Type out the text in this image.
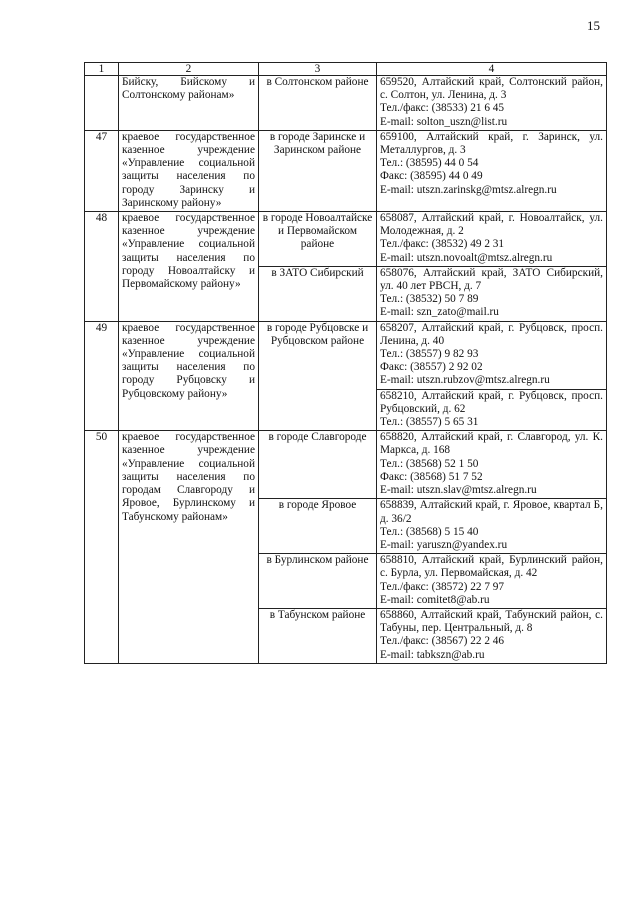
15
1	2	3	4
	Бийску, Бийскому и Солтонскому районам»	в Солтонском районе	659520, Алтайский край, Солтонский район, с. Солтон, ул. Ленина, д. 3
Тел./факс: (38533) 21 6 45
E-mail: solton_uszn@list.ru

47	краевое государственное казенное учреждение «Управление социальной защиты населения по городу Заринску и Заринскому району»	в городе Заринске и Заринском районе	659100, Алтайский край, г. Заринск, ул. Металлургов, д. 3
Тел.: (38595) 44 0 54
Факс: (38595) 44 0 49
E-mail: utszn.zarinskg@mtsz.alregn.ru

48	краевое государственное казенное учреждение «Управление социальной защиты населения по городу Новоалтайску и Первомайскому району»	в городе Новоалтайске и Первомайском районе	658087, Алтайский край, г. Новоалтайск, ул. Молодежная, д. 2
Тел./факс: (38532) 49 2 31
E-mail: utszn.novoalt@mtsz.alregn.ru

		в ЗАТО Сибирский	658076, Алтайский край, ЗАТО Сибирский, ул. 40 лет РВСН, д. 7
Тел.: (38532) 50 7 89
E-mail: szn_zato@mail.ru

49	краевое государственное казенное учреждение «Управление социальной защиты населения по городу Рубцовску и Рубцовскому району»	в городе Рубцовске и Рубцовском районе	658207, Алтайский край, г. Рубцовск, просп. Ленина, д. 40
Тел.: (38557) 9 82 93
Факс: (38557) 2 92 02
E-mail: utszn.rubzov@mtsz.alregn.ru

			658210, Алтайский край, г. Рубцовск, просп. Рубцовский, д. 62
Тел.: (38557) 5 65 31

50	краевое государственное казенное учреждение «Управление социальной защиты населения по городам Славгороду и Яровое, Бурлинскому и Табунскому районам»	в городе Славгороде	658820, Алтайский край, г. Славгород, ул. К. Маркса, д. 168
Тел.: (38568) 52 1 50
Факс: (38568) 51 7 52
E-mail: utszn.slav@mtsz.alregn.ru

		в городе Яровое	658839, Алтайский край, г. Яровое, квартал Б, д. 36/2
Тел.: (38568) 5 15 40
E-mail: yaruszn@yandex.ru

		в Бурлинском районе	658810, Алтайский край, Бурлинский район, с. Бурла, ул. Первомайская, д. 42
Тел./факс: (38572) 22 7 97
E-mail: comitet8@ab.ru

		в Табунском районе	658860, Алтайский край, Табунский район, с. Табуны, пер. Центральный, д. 8
Тел./факс: (38567) 22 2 46
E-mail: tabkszn@ab.ru
